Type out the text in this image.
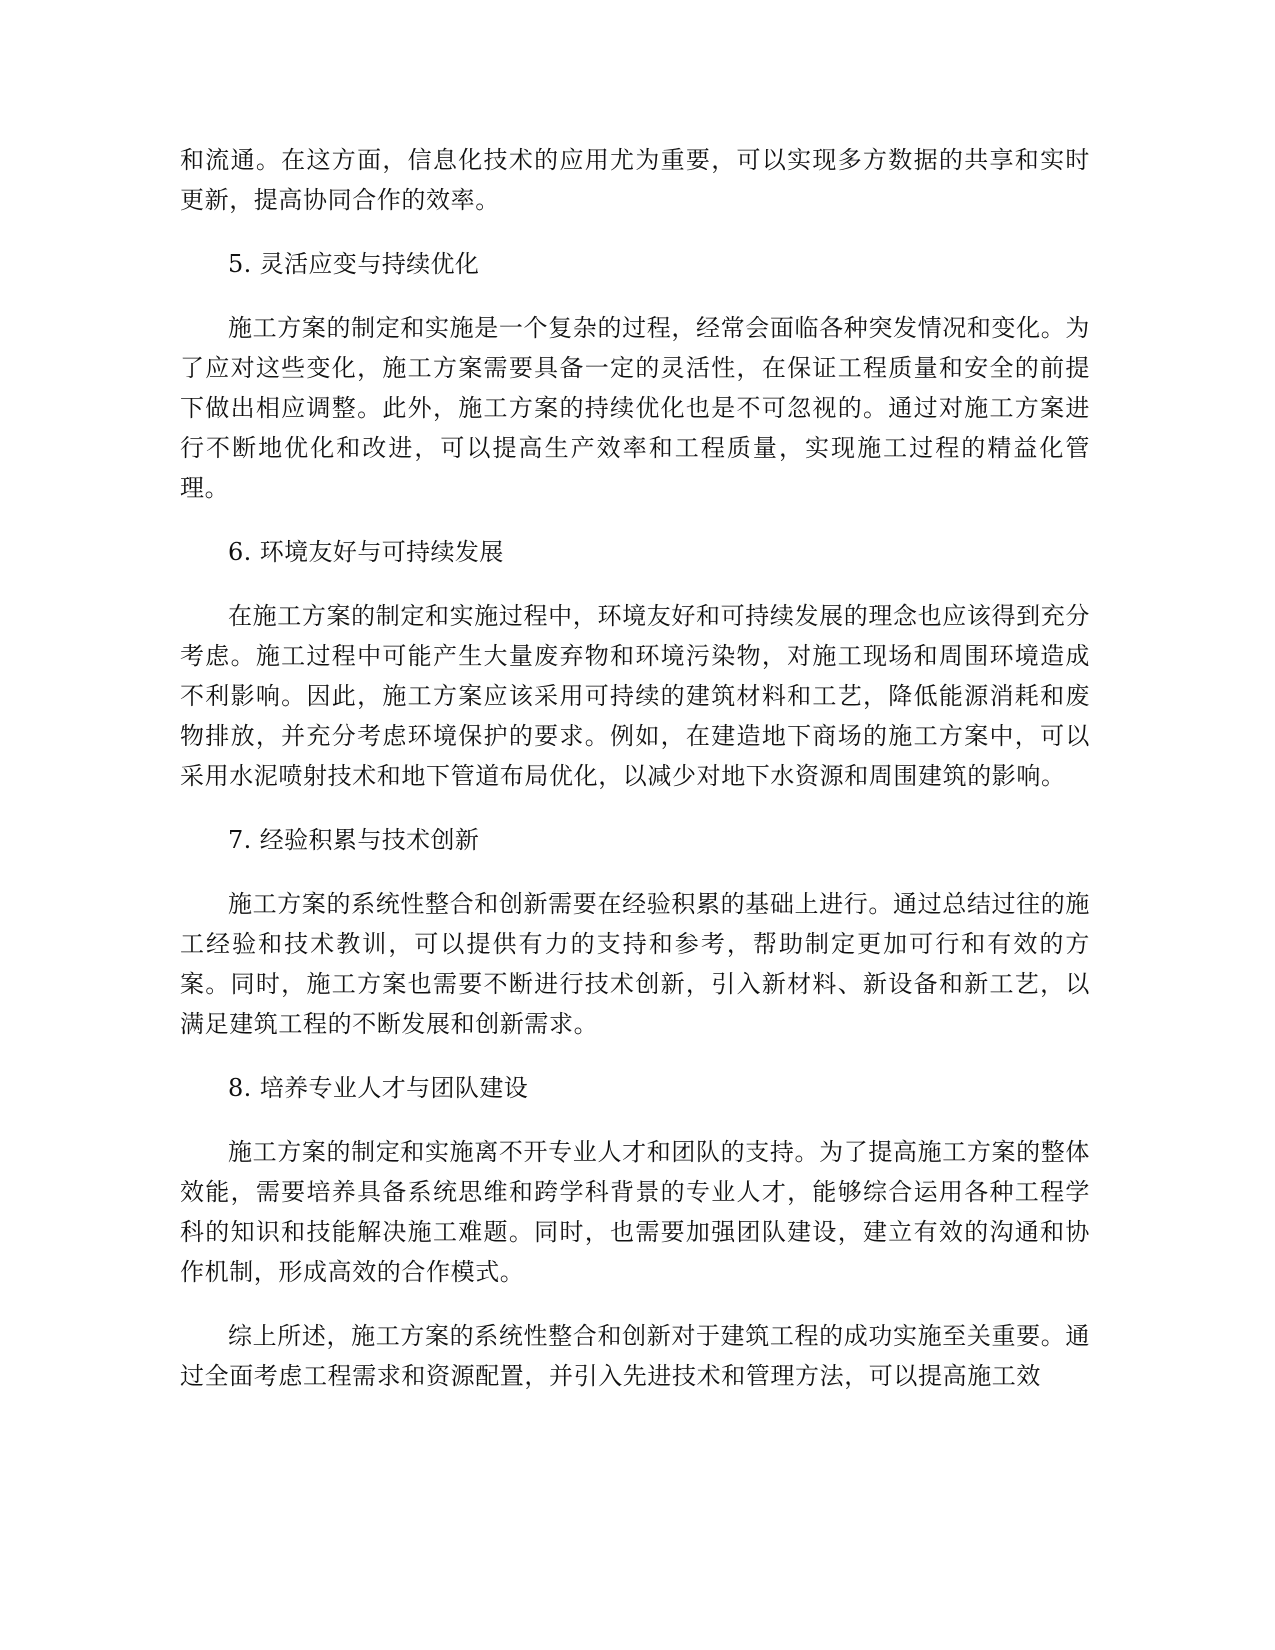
和流通。在这方面，信息化技术的应用尤为重要，可以实现多方数据的共享和实时更新，提高协同合作的效率。

5. 灵活应变与持续优化

施工方案的制定和实施是一个复杂的过程，经常会面临各种突发情况和变化。为了应对这些变化，施工方案需要具备一定的灵活性，在保证工程质量和安全的前提下做出相应调整。此外，施工方案的持续优化也是不可忽视的。通过对施工方案进行不断地优化和改进，可以提高生产效率和工程质量，实现施工过程的精益化管理。

6. 环境友好与可持续发展

在施工方案的制定和实施过程中，环境友好和可持续发展的理念也应该得到充分考虑。施工过程中可能产生大量废弃物和环境污染物，对施工现场和周围环境造成不利影响。因此，施工方案应该采用可持续的建筑材料和工艺，降低能源消耗和废物排放，并充分考虑环境保护的要求。例如，在建造地下商场的施工方案中，可以采用水泥喷射技术和地下管道布局优化，以减少对地下水资源和周围建筑的影响。

7. 经验积累与技术创新

施工方案的系统性整合和创新需要在经验积累的基础上进行。通过总结过往的施工经验和技术教训，可以提供有力的支持和参考，帮助制定更加可行和有效的方案。同时，施工方案也需要不断进行技术创新，引入新材料、新设备和新工艺，以满足建筑工程的不断发展和创新需求。

8. 培养专业人才与团队建设

施工方案的制定和实施离不开专业人才和团队的支持。为了提高施工方案的整体效能，需要培养具备系统思维和跨学科背景的专业人才，能够综合运用各种工程学科的知识和技能解决施工难题。同时，也需要加强团队建设，建立有效的沟通和协作机制，形成高效的合作模式。

综上所述，施工方案的系统性整合和创新对于建筑工程的成功实施至关重要。通过全面考虑工程需求和资源配置，并引入先进技术和管理方法，可以提高施工效
